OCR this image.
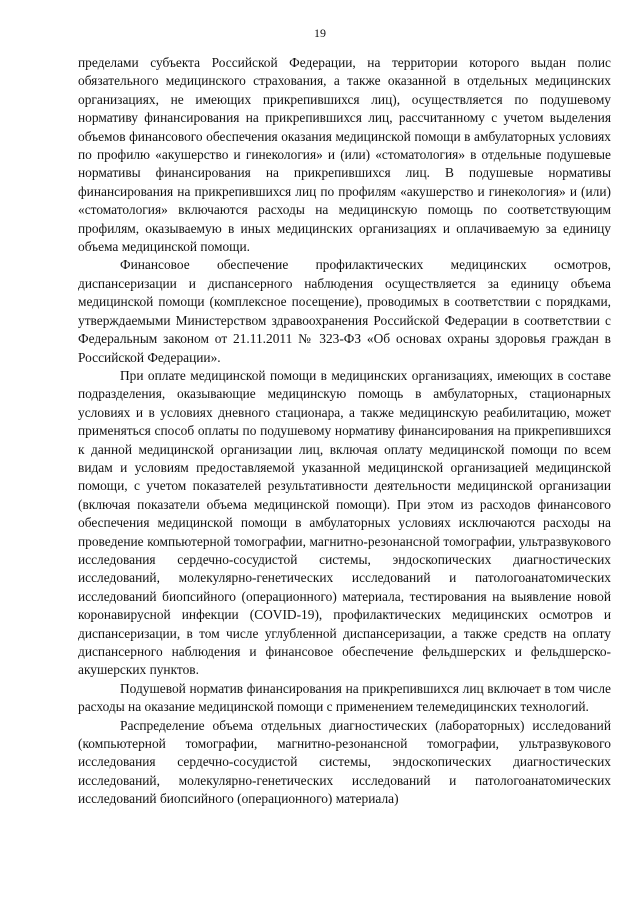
19

пределами субъекта Российской Федерации, на территории которого выдан полис обязательного медицинского страхования, а также оказанной в отдельных медицинских организациях, не имеющих прикрепившихся лиц), осуществляется по подушевому нормативу финансирования на прикрепившихся лиц, рассчитанному с учетом выделения объемов финансового обеспечения оказания медицинской помощи в амбулаторных условиях по профилю «акушерство и гинекология» и (или) «стоматология» в отдельные подушевые нормативы финансирования на прикрепившихся лиц. В подушевые нормативы финансирования на прикрепившихся лиц по профилям «акушерство и гинекология» и (или) «стоматология» включаются расходы на медицинскую помощь по соответствующим профилям, оказываемую в иных медицинских организациях и оплачиваемую за единицу объема медицинской помощи.

Финансовое обеспечение профилактических медицинских осмотров, диспансеризации и диспансерного наблюдения осуществляется за единицу объема медицинской помощи (комплексное посещение), проводимых в соответствии с порядками, утверждаемыми Министерством здравоохранения Российской Федерации в соответствии с Федеральным законом от 21.11.2011 № 323-ФЗ «Об основах охраны здоровья граждан в Российской Федерации».

При оплате медицинской помощи в медицинских организациях, имеющих в составе подразделения, оказывающие медицинскую помощь в амбулаторных, стационарных условиях и в условиях дневного стационара, а также медицинскую реабилитацию, может применяться способ оплаты по подушевому нормативу финансирования на прикрепившихся к данной медицинской организации лиц, включая оплату медицинской помощи по всем видам и условиям предоставляемой указанной медицинской организацией медицинской помощи, с учетом показателей результативности деятельности медицинской организации (включая показатели объема медицинской помощи). При этом из расходов финансового обеспечения медицинской помощи в амбулаторных условиях исключаются расходы на проведение компьютерной томографии, магнитно-резонансной томографии, ультразвукового исследования сердечно-сосудистой системы, эндоскопических диагностических исследований, молекулярно-генетических исследований и патологоанатомических исследований биопсийного (операционного) материала, тестирования на выявление новой коронавирусной инфекции (COVID-19), профилактических медицинских осмотров и диспансеризации, в том числе углубленной диспансеризации, а также средств на оплату диспансерного наблюдения и финансовое обеспечение фельдшерских и фельдшерско-акушерских пунктов.

Подушевой норматив финансирования на прикрепившихся лиц включает в том числе расходы на оказание медицинской помощи с применением телемедицинских технологий.

Распределение объема отдельных диагностических (лабораторных) исследований (компьютерной томографии, магнитно-резонансной томографии, ультразвукового исследования сердечно-сосудистой системы, эндоскопических диагностических исследований, молекулярно-генетических исследований и патологоанатомических исследований биопсийного (операционного) материала)
